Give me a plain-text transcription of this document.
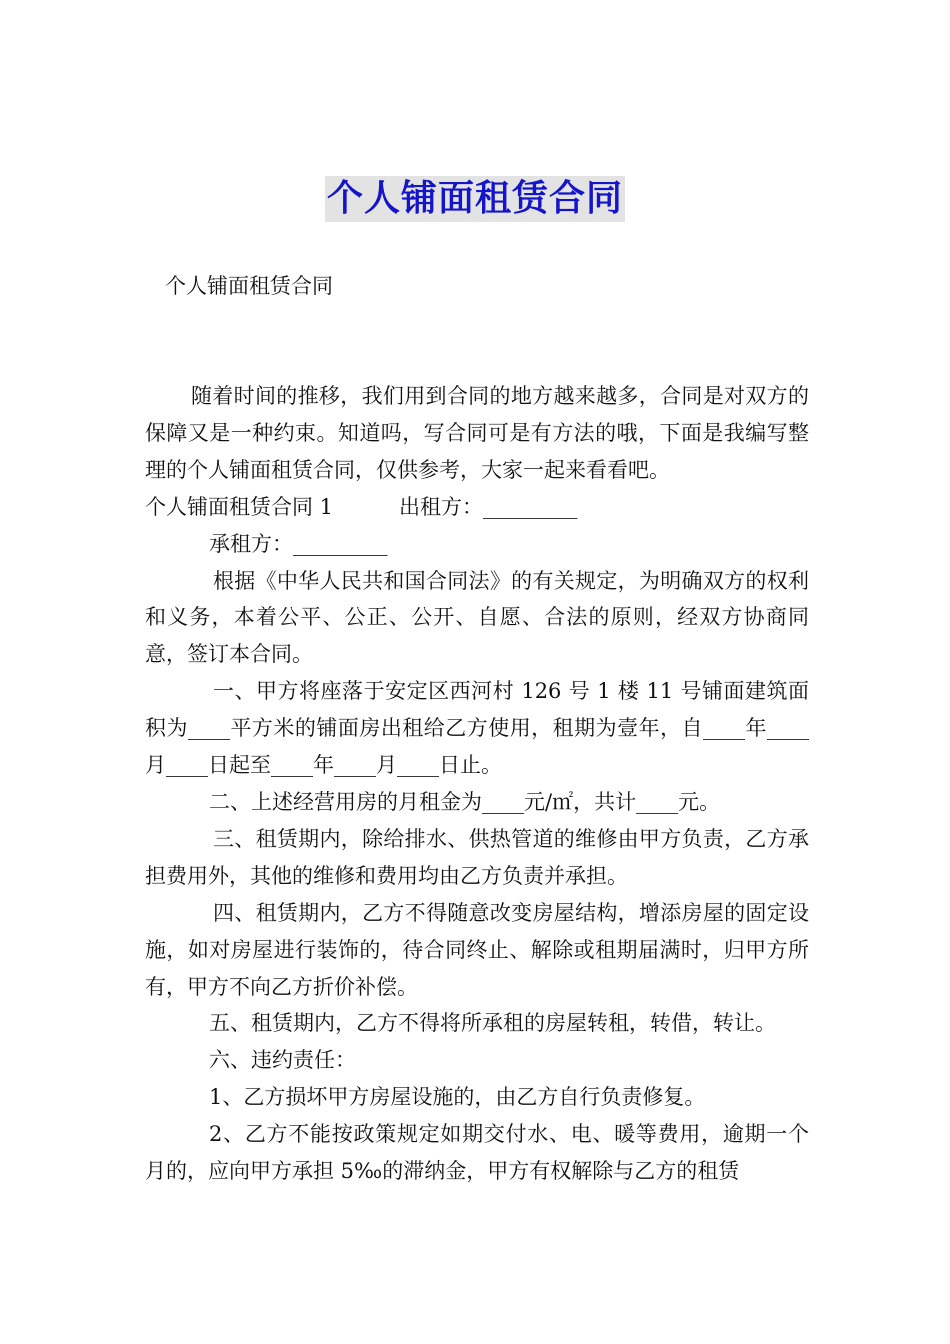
个人铺面租赁合同
个人铺面租赁合同

随着时间的推移，我们用到合同的地方越来越多，合同是对双方的保障又是一种约束。知道吗，写合同可是有方法的哦，下面是我编写整理的个人铺面租赁合同，仅供参考，大家一起来看看吧。

个人铺面租赁合同 1	出租方：_________

承租方：_________

根据《中华人民共和国合同法》的有关规定，为明确双方的权利和义务，本着公平、公正、公开、自愿、合法的原则，经双方协商同意，签订本合同。

一、甲方将座落于安定区西河村 126 号 1 楼 11 号铺面建筑面积为____平方米的铺面房出租给乙方使用，租期为壹年，自____年____月____日起至____年____月____日止。

二、上述经营用房的月租金为____元/㎡，共计____元。

三、租赁期内，除给排水、供热管道的维修由甲方负责，乙方承担费用外，其他的维修和费用均由乙方负责并承担。

四、租赁期内，乙方不得随意改变房屋结构，增添房屋的固定设施，如对房屋进行装饰的，待合同终止、解除或租期届满时，归甲方所有，甲方不向乙方折价补偿。

五、租赁期内，乙方不得将所承租的房屋转租，转借，转让。

六、违约责任：

1、乙方损坏甲方房屋设施的，由乙方自行负责修复。

2、乙方不能按政策规定如期交付水、电、暖等费用，逾期一个月的，应向甲方承担 5‰的滞纳金，甲方有权解除与乙方的租赁
